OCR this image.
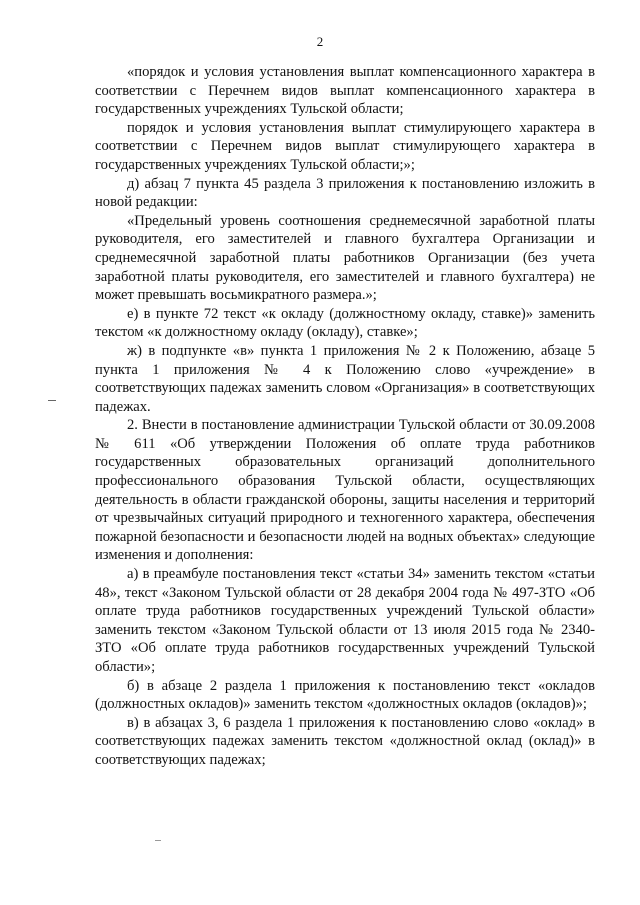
2

«порядок и условия установления выплат компенсационного характера в соответствии с Перечнем видов выплат компенсационного характера в государственных учреждениях Тульской области;

порядок и условия установления выплат стимулирующего характера в соответствии с Перечнем видов выплат стимулирующего характера в государственных учреждениях Тульской области;»;

д) абзац 7 пункта 45 раздела 3 приложения к постановлению изложить в новой редакции:

«Предельный уровень соотношения среднемесячной заработной платы руководителя, его заместителей и главного бухгалтера Организации и среднемесячной заработной платы работников Организации (без учета заработной платы руководителя, его заместителей и главного бухгалтера) не может превышать восьмикратного размера.»;

е) в пункте 72 текст «к окладу (должностному окладу, ставке)» заменить текстом «к должностному окладу (окладу), ставке»;

ж) в подпункте «в» пункта 1 приложения № 2 к Положению, абзаце 5 пункта 1 приложения № 4 к Положению слово «учреждение» в соответствующих падежах заменить словом «Организация» в соответствующих падежах.

2. Внести в постановление администрации Тульской области от 30.09.2008 № 611 «Об утверждении Положения об оплате труда работников государственных образовательных организаций дополнительного профессионального образования Тульской области, осуществляющих деятельность в области гражданской обороны, защиты населения и территорий от чрезвычайных ситуаций природного и техногенного характера, обеспечения пожарной безопасности и безопасности людей на водных объектах» следующие изменения и дополнения:

а) в преамбуле постановления текст «статьи 34» заменить текстом «статьи 48», текст «Законом Тульской области от 28 декабря 2004 года № 497-ЗТО «Об оплате труда работников государственных учреждений Тульской области» заменить текстом «Законом Тульской области от 13 июля 2015 года № 2340-ЗТО «Об оплате труда работников государственных учреждений Тульской области»;

б) в абзаце 2 раздела 1 приложения к постановлению текст «окладов (должностных окладов)» заменить текстом «должностных окладов (окладов)»;

в) в абзацах 3, 6 раздела 1 приложения к постановлению слово «оклад» в соответствующих падежах заменить текстом «должностной оклад (оклад)» в соответствующих падежах;
